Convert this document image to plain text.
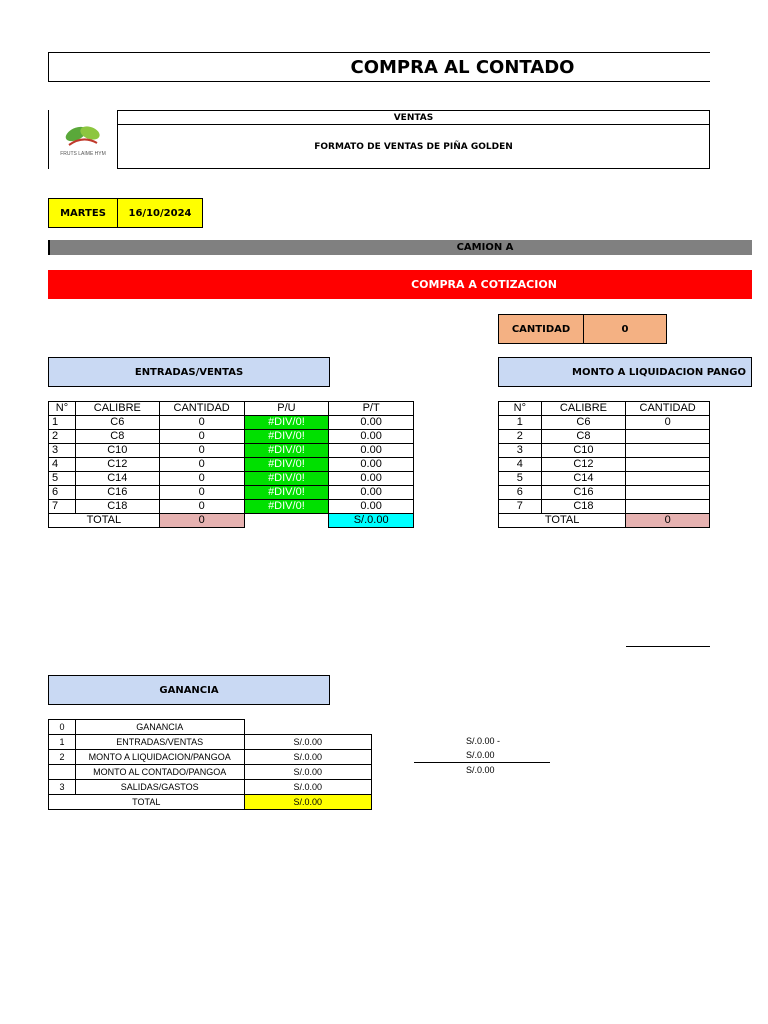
COMPRA AL CONTADO
FRUTS LAIME HYM
VENTAS
FORMATO DE VENTAS DE PIÑA GOLDEN
MARTES 16/10/2024
CAMION A
COMPRA A COTIZACION
CANTIDAD	0
ENTRADAS/VENTAS	MONTO A LIQUIDACION PANGO
N°	CALIBRE	CANTIDAD	P/U	P/T
1	C6	0	#DIV/0!	0.00
2	C8	0	#DIV/0!	0.00
3	C10	0	#DIV/0!	0.00
4	C12	0	#DIV/0!	0.00
5	C14	0	#DIV/0!	0.00
6	C16	0	#DIV/0!	0.00
7	C18	0	#DIV/0!	0.00
TOTAL		0		S/.0.00
N°	CALIBRE	CANTIDAD
1	C6	0
2	C8	
3	C10	
4	C12	
5	C14	
6	C16	
7	C18	
TOTAL		0
GANANCIA
0	GANANCIA	
1	ENTRADAS/VENTAS	S/.0.00
2	MONTO A LIQUIDACION/PANGOA	S/.0.00
	MONTO AL CONTADO/PANGOA	S/.0.00
3	SALIDAS/GASTOS	S/.0.00
TOTAL		S/.0.00
S/.0.00 -
S/.0.00
S/.0.00
